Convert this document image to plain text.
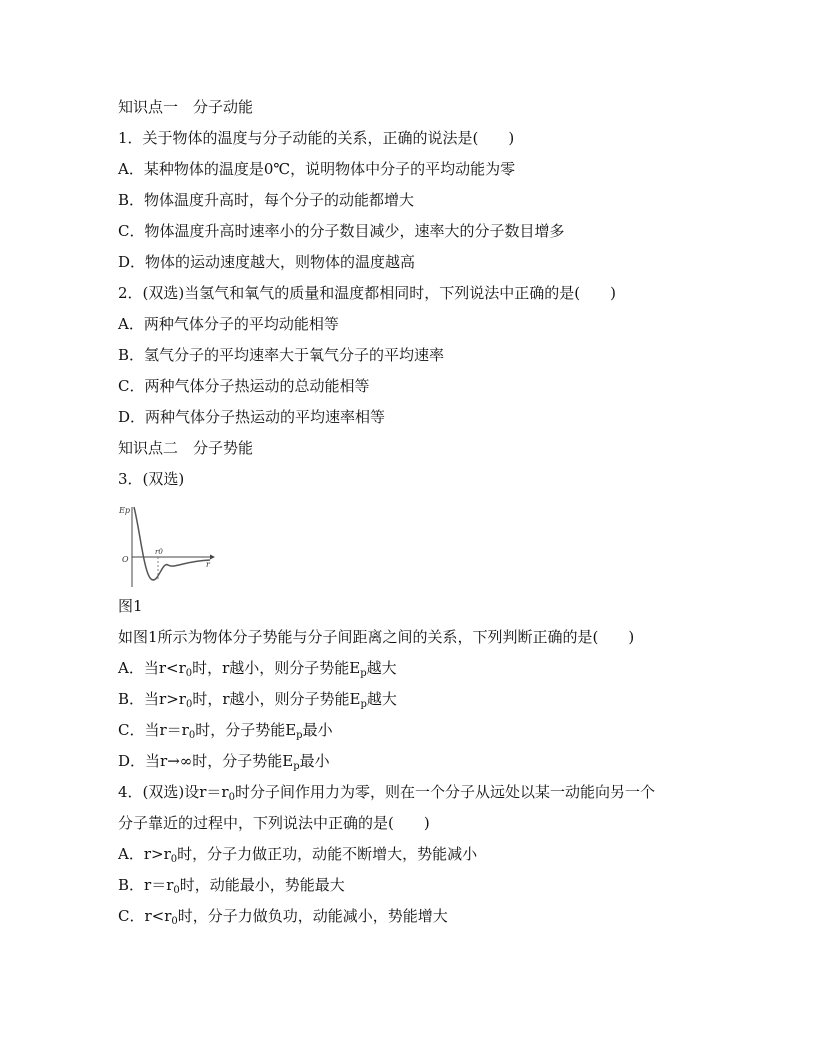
知识点一　分子动能
1．关于物体的温度与分子动能的关系，正确的说法是(　　)
A．某种物体的温度是0℃，说明物体中分子的平均动能为零
B．物体温度升高时，每个分子的动能都增大
C．物体温度升高时速率小的分子数目减少，速率大的分子数目增多
D．物体的运动速度越大，则物体的温度越高
2．(双选)当氢气和氧气的质量和温度都相同时，下列说法中正确的是(　　)
A．两种气体分子的平均动能相等
B．氢气分子的平均速率大于氧气分子的平均速率
C．两种气体分子热运动的总动能相等
D．两种气体分子热运动的平均速率相等
知识点二　分子势能
3．(双选)
Ep
O
r
r0
图1
如图1所示为物体分子势能与分子间距离之间的关系，下列判断正确的是(　　)
A．当$r<r_0$时，r越小，则分子势能$E_p$越大
B．当$r>r_0$时，r越小，则分子势能$E_p$越大
C．当$r=r_0$时，分子势能$E_p$最小
D．当r→∞时，分子势能$E_p$最小
4．(双选)设$r=r_0$时分子间作用力为零，则在一个分子从远处以某一动能向另一个
分子靠近的过程中，下列说法中正确的是(　　)
A．$r>r_0$时，分子力做正功，动能不断增大，势能减小
B．$r=r_0$时，动能最小，势能最大
C．$r<r_0$时，分子力做负功，动能减小，势能增大
